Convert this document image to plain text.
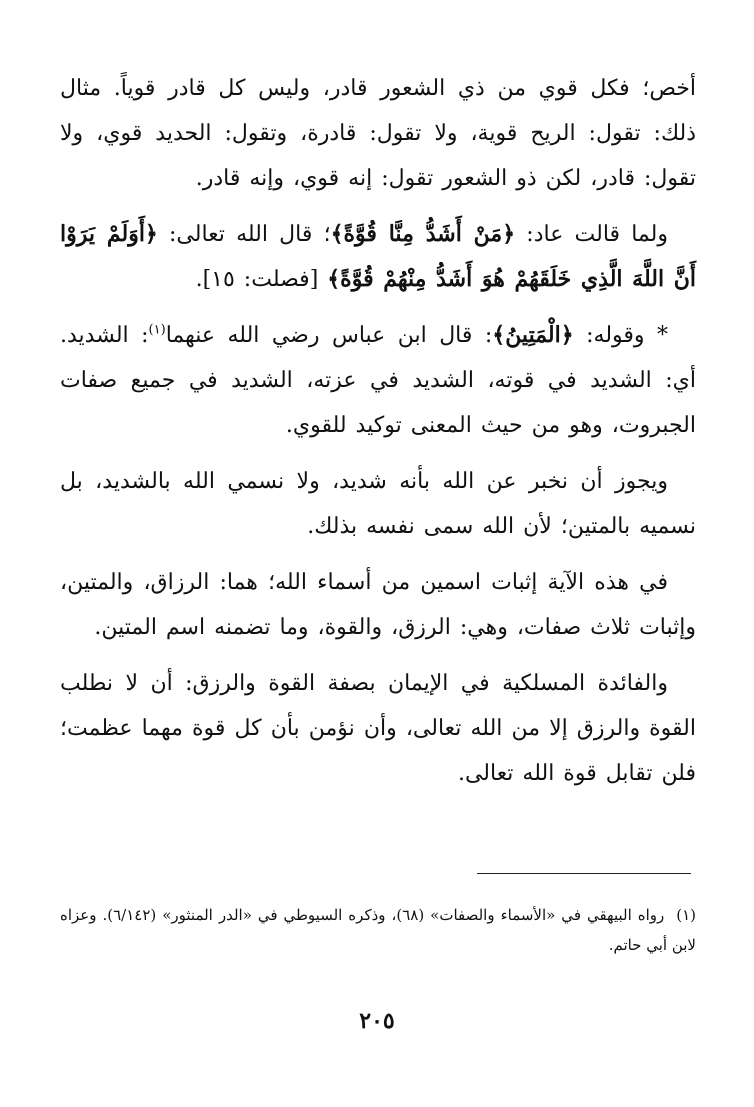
أخص؛ فكل قوي من ذي الشعور قادر، وليس كل قادر قوياً. مثال ذلك: تقول: الريح قوية، ولا تقول: قادرة، وتقول: الحديد قوي، ولا تقول: قادر، لكن ذو الشعور تقول: إنه قوي، وإنه قادر.

ولما قالت عاد: ﴿مَنْ أَشَدُّ مِنَّا قُوَّةً﴾؛ قال الله تعالى: ﴿أَوَلَمْ يَرَوْا أَنَّ اللَّهَ الَّذِي خَلَقَهُمْ هُوَ أَشَدُّ مِنْهُمْ قُوَّةً﴾ [فصلت: ١٥].

* وقوله: ﴿الْمَتِينُ﴾: قال ابن عباس رضي الله عنهما$^{(١)}$: الشديد. أي: الشديد في قوته، الشديد في عزته، الشديد في جميع صفات الجبروت، وهو من حيث المعنى توكيد للقوي.

ويجوز أن نخبر عن الله بأنه شديد، ولا نسمي الله بالشديد، بل نسميه بالمتين؛ لأن الله سمى نفسه بذلك.

في هذه الآية إثبات اسمين من أسماء الله؛ هما: الرزاق، والمتين، وإثبات ثلاث صفات، وهي: الرزق، والقوة، وما تضمنه اسم المتين.

والفائدة المسلكية في الإيمان بصفة القوة والرزق: أن لا نطلب القوة والرزق إلا من الله تعالى، وأن نؤمن بأن كل قوة مهما عظمت؛ فلن تقابل قوة الله تعالى.

(١)  رواه البيهقي في «الأسماء والصفات» (٦٨)، وذكره السيوطي في «الدر المنثور» (٦/١٤٢). وعزاه لابن أبي حاتم.

٢٠٥
